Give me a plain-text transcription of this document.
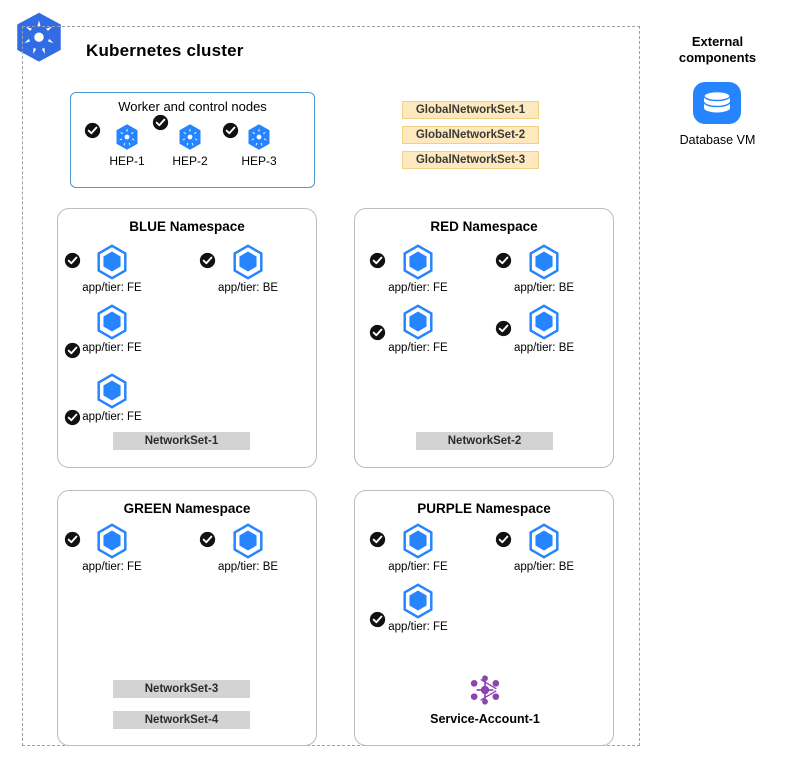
Kubernetes cluster
Worker and control nodes
HEP-1	HEP-2	HEP-3
GlobalNetworkSet-1
GlobalNetworkSet-2
GlobalNetworkSet-3
BLUE Namespace
app/tier: FE	app/tier: BE
app/tier: FE
app/tier: FE
NetworkSet-1
RED Namespace
app/tier: FE	app/tier: BE
app/tier: FE	app/tier: BE
NetworkSet-2
GREEN Namespace
app/tier: FE	app/tier: BE
NetworkSet-3
NetworkSet-4
PURPLE Namespace
app/tier: FE	app/tier: BE
app/tier: FE
Service-Account-1
External
components
Database VM
